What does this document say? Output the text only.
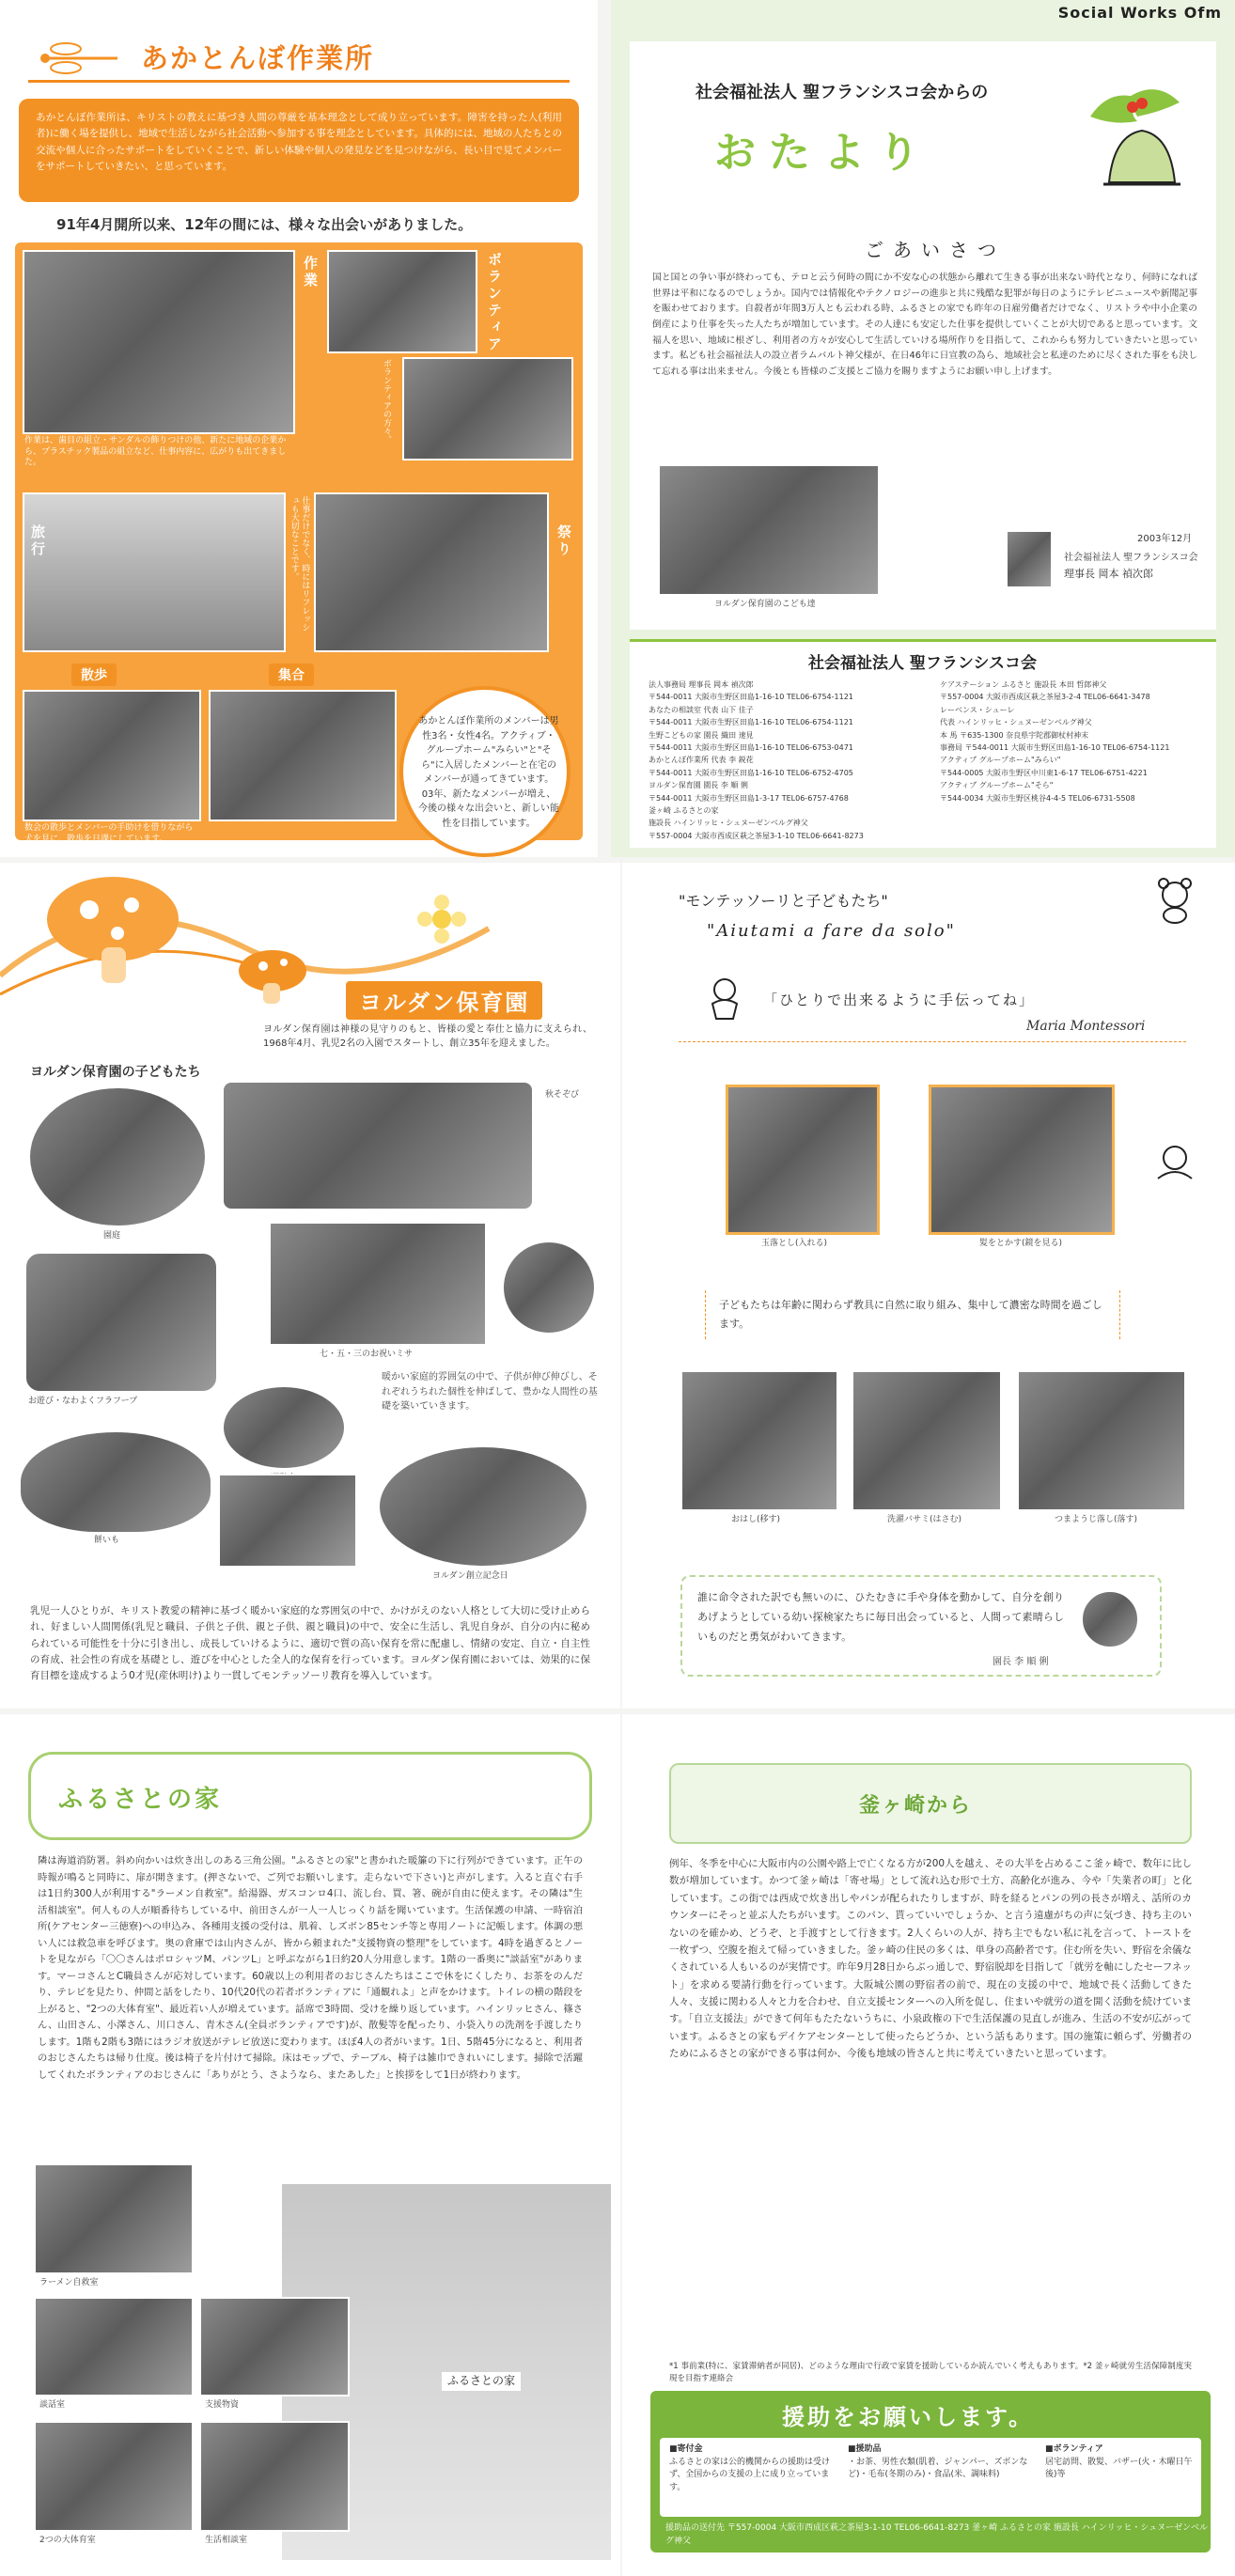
あかとんぼ作業所
あかとんぼ作業所は、キリストの教えに基づき人間の尊厳を基本理念として成り立っています。障害を持った人(利用者)に働く場を提供し、地域で生活しながら社会活動へ参加する事を理念としています。具体的には、地域の人たちとの交流や個人に合ったサポートをしていくことで、新しい体験や個人の発見などを見つけながら、長い目で見てメンバーをサポートしていきたい、と思っています。
91年4月開所以来、12年の間には、様々な出会いがありました。
作業
作業は、歯目の組立・サンダルの飾りつけの他、新たに地域の企業から、プラスチック製品の組立など、仕事内容に、広がりも出てきました。
ボランティア
ボランティアの方々。
旅行	仕事だけでなく、時にはリフレッシュも大切なことです。	祭り
散歩
数会の散歩とメンバーの手助けを借りながら犬を見に、散歩を日課にしています。
集合
あかとんぼ作業所のメンバーは男性3名・女性4名。アクティブ・グループホーム"みらい"と"そら"に入居したメンバーと在宅のメンバーが通ってきています。03年、新たなメンバーが増え、今後の様々な出会いと、新しい能性を目指しています。
Social Works Ofm
社会福祉法人 聖フランシスコ会からの
おたより
ごあいさつ
国と国との争い事が終わっても、テロと云う何時の間にか不安な心の状態から離れて生きる事が出来ない時代となり、何時になれば世界は平和になるのでしょうか。国内では情報化やテクノロジーの進歩と共に残酷な犯罪が毎日のようにテレビニュースや新聞記事を賑わせております。自殺者が年間3万人とも云われる時、ふるさとの家でも昨年の日雇労働者だけでなく、リストラや中小企業の倒産により仕事を失った人たちが増加しています。その人達にも安定した仕事を提供していくことが大切であると思っています。文福人を思い、地域に根ざし、利用者の方々が安心して生活していける場所作りを目指して、これからも努力していきたいと思っています。私ども社会福祉法人の設立者ラムバルト神父様が、在日46年に日宣教の為ら、地域社会と私達のために尽くされた事をも決して忘れる事は出来ません。今後とも皆様のご支援とご協力を賜りますようにお願い申し上げます。
ヨルダン保育園のこども達
2003年12月
社会福祉法人 聖フランシスコ会
理事長 岡本 禎次郎
社会福祉法人 聖フランシスコ会
法人事務局 理事長 岡本 禎次郎
〒544-0011 大阪市生野区田島1-16-10 TEL06-6754-1121
あなたの相談室 代表 山下 佳子
〒544-0011 大阪市生野区田島1-16-10 TEL06-6754-1121
生野こどもの家 園長 織田 速見
〒544-0011 大阪市生野区田島1-16-10 TEL06-6753-0471
あかとんぼ作業所 代表 李 鋭花
〒544-0011 大阪市生野区田島1-16-10 TEL06-6752-4705
ヨルダン保育園 園長 李 順 俐
〒544-0011 大阪市生野区田島1-3-17 TEL06-6757-4768
釜ヶ崎 ふるさとの家
施設長 ハインリッヒ・シュヌーゼンベルグ神父
〒557-0004 大阪市西成区萩之茶屋3-1-10 TEL06-6641-8273
ケアステーション ふるさと 施設長 本田 哲郎神父
〒557-0004 大阪市西成区萩之茶屋3-2-4 TEL06-6641-3478
レーベンス・シューレ
代表 ハインリッヒ・シュヌーゼンベルグ神父
本 馬 〒635-1300 奈良県宇陀郡御杖村神末
事務局 〒544-0011 大阪市生野区田島1-16-10 TEL06-6754-1121
アクティブ グループホーム"みらい"
〒544-0005 大阪市生野区中川東1-6-17 TEL06-6751-4221
アクティブ グループホーム"そら"
〒544-0034 大阪市生野区桃谷4-4-5 TEL06-6731-5508
ヨルダン保育園
ヨルダン保育園は神様の見守りのもと、皆様の愛と奉仕と協力に支えられ、1968年4月、乳児2名の入園でスタートし、創立35年を迎えました。
ヨルダン保育園の子どもたち
園庭
秋そぞび
七・五・三のお祝いミサ
お遊び・なわよくフラフープ
暖かい家庭的雰囲気の中で、子供が伸び伸びし、それぞれうちれた個性を伸ばして、豊かな人間性の基礎を築いていきます。
餅いも
ヨルダン創立記念日
乳児一人ひとりが、キリスト教愛の精神に基づく暖かい家庭的な雰囲気の中で、かけがえのない人格として大切に受け止められ、好ましい人間関係(乳児と職員、子供と子供、親と子供、親と職員)の中で、安全に生活し、乳児自身が、自分の内に秘められている可能性を十分に引き出し、成長していけるように、適切で質の高い保育を常に配慮し、情緒の安定、自立・自主性の育成、社会性の育成を基礎とし、遊びを中心とした全人的な保育を行っています。ヨルダン保育園においては、効果的に保育目標を達成するよう0才児(産休明け)より一貫してモンテッソーリ教育を導入しています。
"モンテッソーリと子どもたち"
"Aiutami a fare da solo"
「ひとりで出来るように手伝ってね」
Maria Montessori
玉落とし(入れる)	髪をとかす(鏡を見る)
子どもたちは年齢に関わらず教具に自然に取り組み、集中して濃密な時間を過ごします。
おはし(移す)	洗濯バサミ(はさむ)	つまようじ落し(落す)
誰に命令された訳でも無いのに、ひたむきに手や身体を動かして、自分を創りあげようとしている幼い探検家たちに毎日出会っていると、人間って素晴らしいものだと勇気がわいてきます。
園長 李 順 俐
ふるさとの家
隣は海道消防署。斜め向かいは炊き出しのある三角公園。"ふるさとの家"と書かれた暖簾の下に行列ができています。正午の時報が鳴ると同時に、扉が開きます。(押さないで、ご列でお願いします。走らないで下さい)と声がします。入ると直ぐ右手は1日約300人が利用する"ラーメン自救室"。給湯器、ガスコンロ4口、流し台、買、箸、碗が自由に使えます。その隣は"生活相談室"。何人もの人が順番待ちしている中、前田さんが一人一人じっくり話を聞いています。生活保護の申請、一時宿泊所(ケアセンター三徳寮)への申込み、各種用支援の受付は、肌着、しズボン85センチ等と専用ノートに記帳します。体調の悪い人には救急車を呼びます。奥の倉庫では山内さんが、皆から頼まれた"支援物資の整理"をしています。4時を過ぎるとノートを見ながら「〇〇さんはポロシャツM、パンツL」と呼ぶながら1日約20人分用意します。1階の一番奥に"談話室"があります。マーコさんとC職員さんが応対しています。60歳以上の利用者のおじさんたちはここで休をにくしたり、お茶をのんだり、テレビを見たり、仲間と話をしたり、10代20代の若者ボランティアに「通観れよ」と声をかけます。トイレの横の階段を上がると、"2つの大体育室"、最近若い人が増えています。話席で3時間、受けを繰り返しています。ハインリッヒさん、篠さん、山田さん、小澤さん、川口さん、青木さん(全員ボランティアです)が、散髪等を配ったり、小袋入りの洗剤を手渡したりします。1階も2階も3階にはラジオ放送がテレビ放送に変わります。ほぼ4人の者がいます。1日、5階45分になると、利用者のおじさんたちは帰り仕度。後は椅子を片付けて掃除。床はモップで、テーブル、椅子は雑巾できれいにします。掃除で活躍してくれたボランティアのおじさんに「ありがとう、さようなら、またあした」と挨拶をして1日が終わります。
ラーメン自救室
談話室	支援物資
2つの大体育室	生活相談室
ふるさとの家
釜ヶ崎から
例年、冬季を中心に大阪市内の公園や路上で亡くなる方が200人を越え、その大半を占めるここ釜ヶ崎で、数年に比し数が増加しています。かつて釜ヶ崎は「寄せ場」として流れ込む形で土方、高齢化が進み、今や「失業者の町」と化しています。この街では西成で炊き出しやパンが配られたりしますが、時を経るとパンの列の長さが増え、話所のカウンターにそっと並ぶ人たちがいます。このパン、貰っていいでしょうか、と言う遠慮がちの声に気づき、持ち主のいないのを確かめ、どうぞ、と手渡すとして行きます。2人くらいの人が、持ち主でもない私に礼を言って、トーストを一枚ずつ、空腹を抱えて帰っていきました。釜ヶ崎の住民の多くは、単身の高齢者です。住む所を失い、野宿を余儀なくされている人もいるのが実情です。昨年9月28日からぶっ通しで、野宿脱却を目指して「就労を軸にしたセーフネット」を求める要請行動を行っています。大阪城公園の野宿者の前で、現在の支援の中で、地域で長く活動してきた人々、支援に関わる人々と力を合わせ、自立支援センターへの入所を促し、住まいや就労の道を開く活動を続けています。「自立支援法」ができて何年もたたないうちに、小泉政権の下で生活保護の見直しが進み、生活の不安が広がっています。ふるさとの家もデイケアセンターとして使ったらどうか、という話もあります。国の施策に頼らず、労働者のためにふるさとの家ができる事は何か、今後も地域の皆さんと共に考えていきたいと思っています。
*1 事前業(特に、家賃滞納者が同居)、どのような理由で行政で家賃を援助しているか読んでいく考えもあります。*2 釜ヶ崎就労生活保障制度実現を目指す連絡会
援助をお願いします。
■寄付金
ふるさとの家は公的機関からの援助は受けず、全国からの支援の上に成り立っています。
■援助品
・お茶、男性衣類(肌着、ジャンパー、ズボンなど)・毛布(冬期のみ)・食品(米、調味料)
■ボランティア
居宅訪問、散髪、バザー(火・木曜日午後)等
援助品の送付先 〒557-0004 大阪市西成区萩之茶屋3-1-10 TEL06-6641-8273 釜ヶ崎 ふるさとの家 施設長 ハインリッヒ・シュヌーゼンベルグ神父
